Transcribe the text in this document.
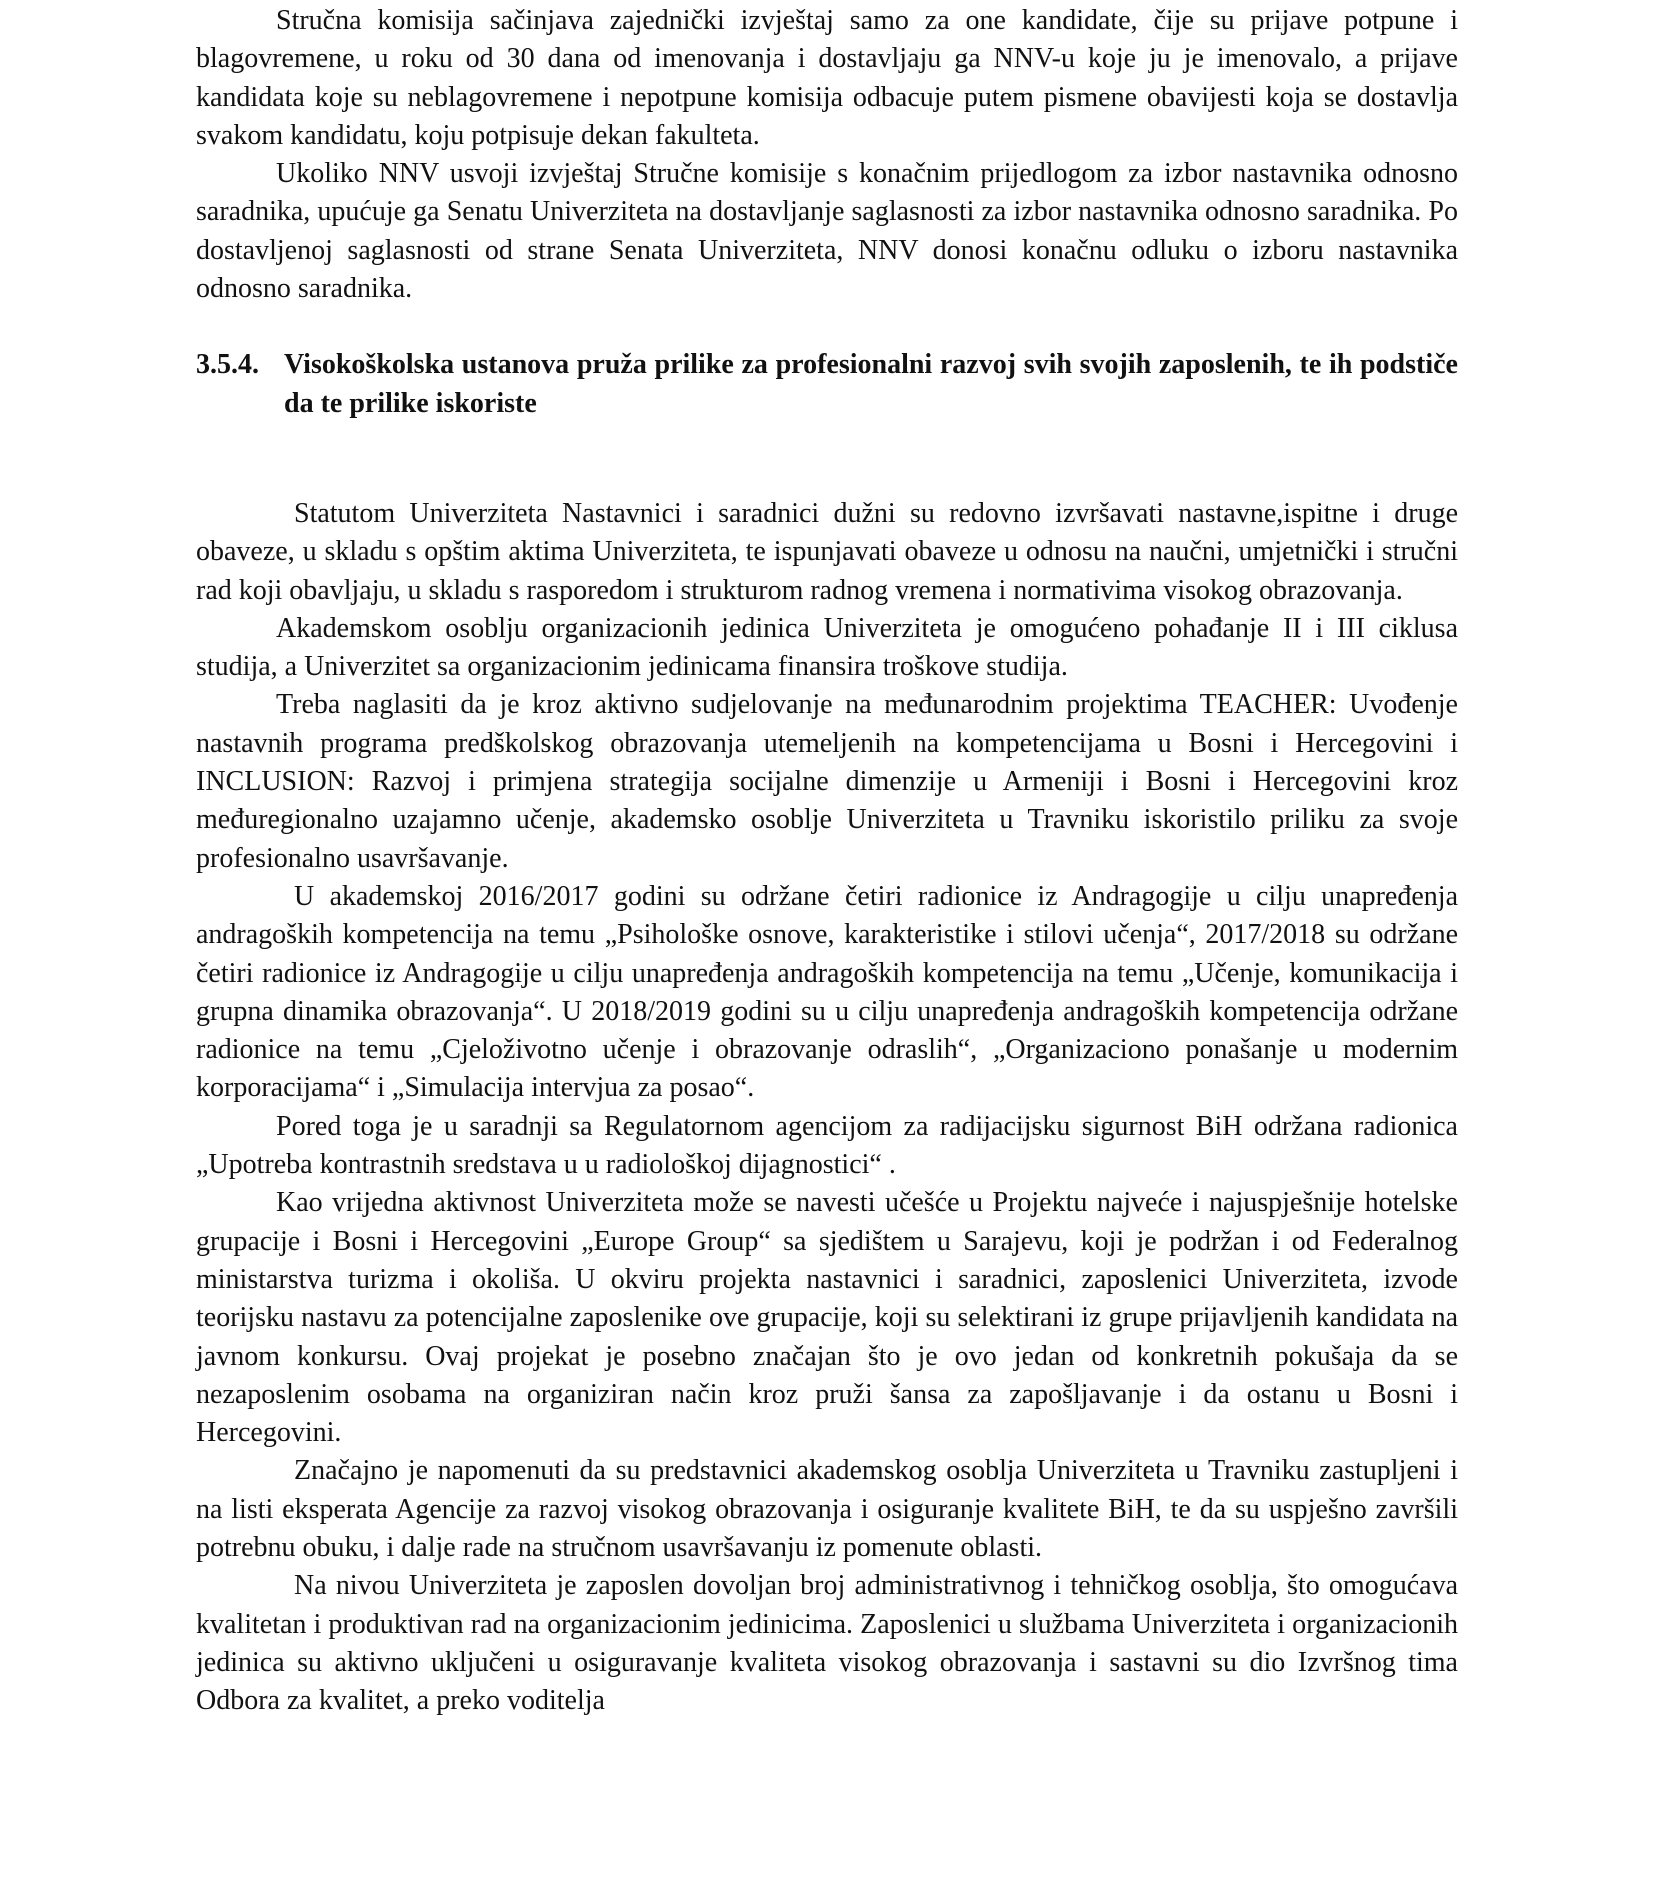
Stručna komisija sačinjava zajednički izvještaj samo za one kandidate, čije su prijave potpune i blagovremene, u roku od 30 dana od imenovanja i dostavljaju ga NNV-u koje ju je imenovalo, a prijave kandidata koje su neblagovremene i nepotpune komisija odbacuje putem pismene obavijesti koja se dostavlja svakom kandidatu, koju potpisuje dekan fakulteta.

Ukoliko NNV usvoji izvještaj Stručne komisije s konačnim prijedlogom za izbor nastavnika odnosno saradnika, upućuje ga Senatu Univerziteta na dostavljanje saglasnosti za izbor nastavnika odnosno saradnika. Po dostavljenoj saglasnosti od strane Senata Univerziteta, NNV donosi konačnu odluku o izboru nastavnika odnosno saradnika.

3.5.4. Visokoškolska ustanova pruža prilike za profesionalni razvoj svih svojih zaposlenih, te ih podstiče da te prilike iskoriste

Statutom Univerziteta Nastavnici i saradnici dužni su redovno izvršavati nastavne,ispitne i druge obaveze, u skladu s opštim aktima Univerziteta, te ispunjavati obaveze u odnosu na naučni, umjetnički i stručni rad koji obavljaju, u skladu s rasporedom i strukturom radnog vremena i normativima visokog obrazovanja.

Akademskom osoblju organizacionih jedinica Univerziteta je omogućeno pohađanje II i III ciklusa studija, a Univerzitet sa organizacionim jedinicama finansira troškove studija.

Treba naglasiti da je kroz aktivno sudjelovanje na međunarodnim projektima TEACHER: Uvođenje nastavnih programa predškolskog obrazovanja utemeljenih na kompetencijama u Bosni i Hercegovini i INCLUSION: Razvoj i primjena strategija socijalne dimenzije u Armeniji i Bosni i Hercegovini kroz međuregionalno uzajamno učenje, akademsko osoblje Univerziteta u Travniku iskoristilo priliku za svoje profesionalno usavršavanje.

U akademskoj 2016/2017 godini su održane četiri radionice iz Andragogije u cilju unapređenja andragoških kompetencija na temu „Psihološke osnove, karakteristike i stilovi učenja“, 2017/2018 su održane četiri radionice iz Andragogije u cilju unapređenja andragoških kompetencija na temu „Učenje, komunikacija i grupna dinamika obrazovanja“. U 2018/2019 godini su u cilju unapređenja andragoških kompetencija održane radionice na temu „Cjeloživotno učenje i obrazovanje odraslih“, „Organizaciono ponašanje u modernim korporacijama“ i „Simulacija intervjua za posao“.

Pored toga je u saradnji sa Regulatornom agencijom za radijacijsku sigurnost BiH održana radionica „Upotreba kontrastnih sredstava u u radiološkoj dijagnostici“ .

Kao vrijedna aktivnost Univerziteta može se navesti učešće u Projektu najveće i najuspješnije hotelske grupacije i Bosni i Hercegovini „Europe Group“ sa sjedištem u Sarajevu, koji je podržan i od Federalnog ministarstva turizma i okoliša. U okviru projekta nastavnici i saradnici, zaposlenici Univerziteta, izvode teorijsku nastavu za potencijalne zaposlenike ove grupacije, koji su selektirani iz grupe prijavljenih kandidata na javnom konkursu. Ovaj projekat je posebno značajan što je ovo jedan od konkretnih pokušaja da se nezaposlenim osobama na organiziran način kroz pruži šansa za zapošljavanje i da ostanu u Bosni i Hercegovini.

Značajno je napomenuti da su predstavnici akademskog osoblja Univerziteta u Travniku zastupljeni i na listi eksperata Agencije za razvoj visokog obrazovanja i osiguranje kvalitete BiH, te da su uspješno završili potrebnu obuku, i dalje rade na stručnom usavršavanju iz pomenute oblasti.

Na nivou Univerziteta je zaposlen dovoljan broj administrativnog i tehničkog osoblja, što omogućava kvalitetan i produktivan rad na organizacionim jedinicima. Zaposlenici u službama Univerziteta i organizacionih jedinica su aktivno uključeni u osiguravanje kvaliteta visokog obrazovanja i sastavni su dio Izvršnog tima Odbora za kvalitet, a preko voditelja
